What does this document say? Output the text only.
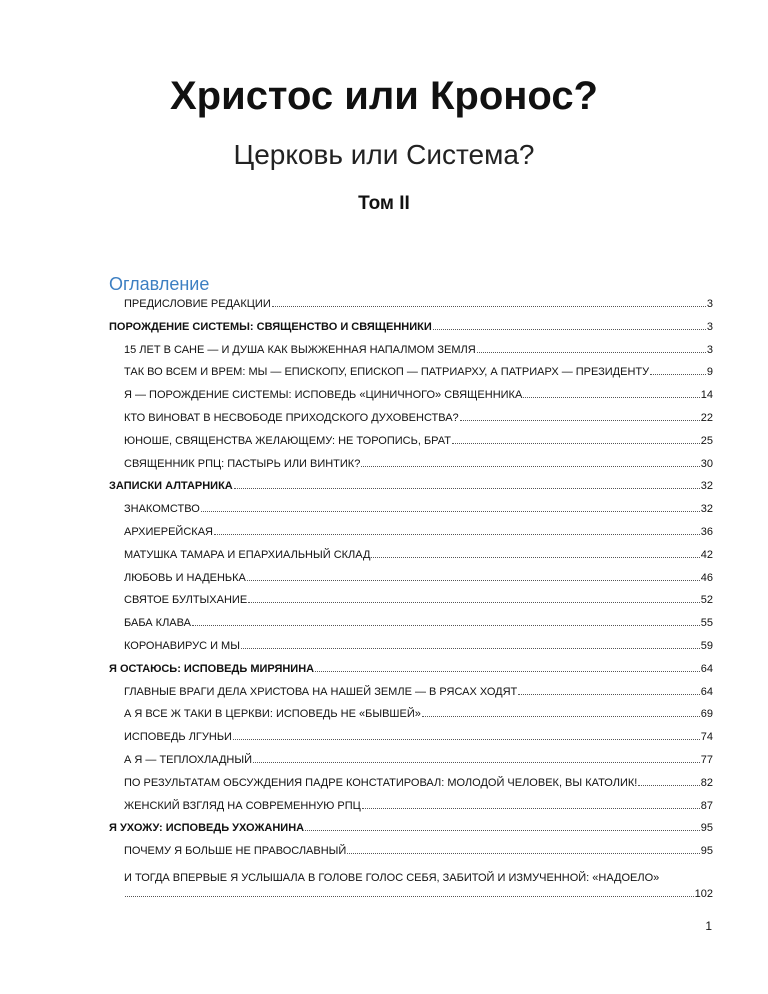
Христос или Кронос?
Церковь или Система?
Том II
Оглавление
ПРЕДИСЛОВИЕ РЕДАКЦИИ	3
ПОРОЖДЕНИЕ СИСТЕМЫ: СВЯЩЕНСТВО И СВЯЩЕННИКИ	3
15 ЛЕТ В САНЕ — И ДУША КАК ВЫЖЖЕННАЯ НАПАЛМОМ ЗЕМЛЯ	3
ТАК ВО ВСЕМ И ВРЕМ: МЫ — ЕПИСКОПУ, ЕПИСКОП — ПАТРИАРХУ, А ПАТРИАРХ — ПРЕЗИДЕНТУ	9
Я — ПОРОЖДЕНИЕ СИСТЕМЫ: ИСПОВЕДЬ «ЦИНИЧНОГО» СВЯЩЕННИКА	14
КТО ВИНОВАТ В НЕСВОБОДЕ ПРИХОДСКОГО ДУХОВЕНСТВА?	22
ЮНОШЕ, СВЯЩЕНСТВА ЖЕЛАЮЩЕМУ: НЕ ТОРОПИСЬ, БРАТ	25
СВЯЩЕННИК РПЦ: ПАСТЫРЬ ИЛИ ВИНТИК?	30
ЗАПИСКИ АЛТАРНИКА	32
ЗНАКОМСТВО	32
АРХИЕРЕЙСКАЯ	36
МАТУШКА ТАМАРА И ЕПАРХИАЛЬНЫЙ СКЛАД	42
ЛЮБОВЬ И НАДЕНЬКА	46
СВЯТОЕ БУЛТЫХАНИЕ	52
БАБА КЛАВА	55
КОРОНАВИРУС И МЫ	59
Я ОСТАЮСЬ: ИСПОВЕДЬ МИРЯНИНА	64
ГЛАВНЫЕ ВРАГИ ДЕЛА ХРИСТОВА НА НАШЕЙ ЗЕМЛЕ — В РЯСАХ ХОДЯТ	64
А Я ВСЕ Ж ТАКИ В ЦЕРКВИ: ИСПОВЕДЬ НЕ «БЫВШЕЙ»	69
ИСПОВЕДЬ ЛГУНЬИ	74
А Я — ТЕПЛОХЛАДНЫЙ	77
ПО РЕЗУЛЬТАТАМ ОБСУЖДЕНИЯ ПАДРЕ КОНСТАТИРОВАЛ: МОЛОДОЙ ЧЕЛОВЕК, ВЫ КАТОЛИК!	82
ЖЕНСКИЙ ВЗГЛЯД НА СОВРЕМЕННУЮ РПЦ	87
Я УХОЖУ: ИСПОВЕДЬ УХОЖАНИНА	95
ПОЧЕМУ Я БОЛЬШЕ НЕ ПРАВОСЛАВНЫЙ	95
И ТОГДА ВПЕРВЫЕ Я УСЛЫШАЛА В ГОЛОВЕ ГОЛОС СЕБЯ, ЗАБИТОЙ И ИЗМУЧЕННОЙ: «НАДОЕЛО»
102
1
